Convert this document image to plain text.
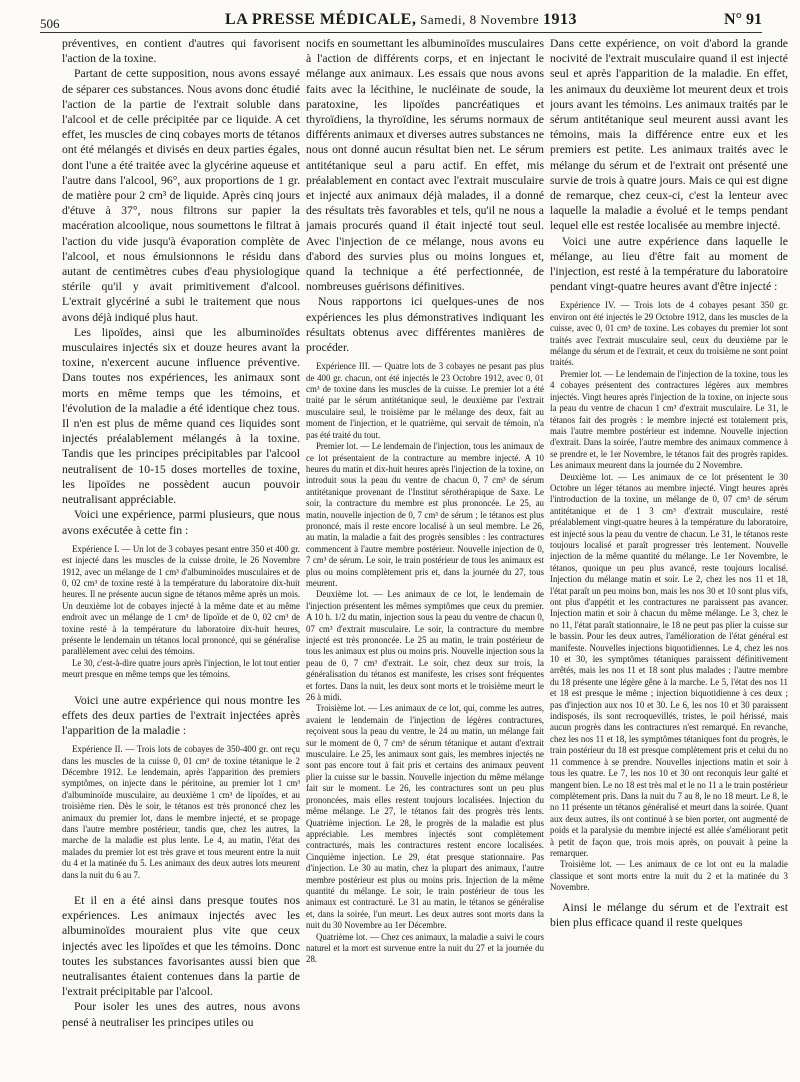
506	LA PRESSE MÉDICALE, Samedi, 8 Novembre 1913	N° 91

préventives, en contient d'autres qui favorisent l'action de la toxine.

Partant de cette supposition, nous avons essayé de séparer ces substances. Nous avons donc étudié l'action de la partie de l'extrait soluble dans l'alcool et de celle précipitée par ce liquide. A cet effet, les muscles de cinq cobayes morts de tétanos ont été mélangés et divisés en deux parties égales, dont l'une a été traitée avec la glycérine aqueuse et l'autre dans l'alcool, 96°, aux proportions de 1 gr. de matière pour 2 cm³ de liquide. Après cinq jours d'étuve à 37°, nous filtrons sur papier la macération alcoolique, nous soumettons le filtrat à l'action du vide jusqu'à évaporation complète de l'alcool, et nous émulsionnons le résidu dans autant de centimètres cubes d'eau physiologique stérile qu'il y avait primitivement d'alcool. L'extrait glycériné a subi le traitement que nous avons déjà indiqué plus haut.

Les lipoïdes, ainsi que les albuminoïdes musculaires injectés six et douze heures avant la toxine, n'exercent aucune influence préventive. Dans toutes nos expériences, les animaux sont morts en même temps que les témoins, et l'évolution de la maladie a été identique chez tous. Il n'en est plus de même quand ces liquides sont injectés préalablement mélangés à la toxine. Tandis que les principes précipitables par l'alcool neutralisent de 10-15 doses mortelles de toxine, les lipoïdes ne possèdent aucun pouvoir neutralisant appréciable.

Voici une expérience, parmi plusieurs, que nous avons exécutée à cette fin :

Expérience I. — Un lot de 3 cobayes pesant entre 350 et 400 gr. est injecté dans les muscles de la cuisse droite, le 26 Novembre 1912, avec un mélange de 1 cm³ d'albuminoïdes musculaires et de 0, 02 cm³ de toxine resté à la température du laboratoire dix-huit heures. Il ne présente aucun signe de tétanos même après un mois. Un deuxième lot de cobayes injecté à la même date et au même endroit avec un mélange de 1 cm³ de lipoïde et de 0, 02 cm³ de toxine resté à la température du laboratoire dix-huit heures, présente le lendemain un tétanos local prononcé, qui se généralise parallèlement avec celui des témoins.

Le 30, c'est-à-dire quatre jours après l'injection, le lot tout entier meurt presque en même temps que les témoins.

Voici une autre expérience qui nous montre les effets des deux parties de l'extrait injectées après l'apparition de la maladie :

Expérience II. — Trois lots de cobayes de 350-400 gr. ont reçu dans les muscles de la cuisse 0, 01 cm³ de toxine tétanique le 2 Décembre 1912. Le lendemain, après l'apparition des premiers symptômes, on injecte dans le péritoine, au premier lot 1 cm³ d'albuminoïde musculaire, au deuxième 1 cm³ de lipoïdes, et au troisième rien. Dès le soir, le tétanos est très prononcé chez les animaux du premier lot, dans le membre injecté, et se propage dans l'autre membre postérieur, tandis que, chez les autres, la marche de la maladie est plus lente. Le 4, au matin, l'état des malades du premier lot est très grave et tous meurent entre la nuit du 4 et la matinée du 5. Les animaux des deux autres lots meurent dans la nuit du 6 au 7.

Et il en a été ainsi dans presque toutes nos expériences. Les animaux injectés avec les albuminoïdes mouraient plus vite que ceux injectés avec les lipoïdes et que les témoins. Donc toutes les substances favorisantes aussi bien que neutralisantes étaient contenues dans la partie de l'extrait précipitable par l'alcool.

Pour isoler les unes des autres, nous avons pensé à neutraliser les principes utiles ou

nocifs en soumettant les albuminoïdes musculaires à l'action de différents corps, et en injectant le mélange aux animaux. Les essais que nous avons faits avec la lécithine, le nucléinate de soude, la paratoxine, les lipoïdes pancréatiques et thyroïdiens, la thyroïdine, les sérums normaux de différents animaux et diverses autres substances ne nous ont donné aucun résultat bien net. Le sérum antitétanique seul a paru actif. En effet, mis préalablement en contact avec l'extrait musculaire et injecté aux animaux déjà malades, il a donné des résultats très favorables et tels, qu'il ne nous a jamais procurés quand il était injecté tout seul. Avec l'injection de ce mélange, nous avons eu d'abord des survies plus ou moins longues et, quand la technique a été perfectionnée, de nombreuses guérisons définitives.

Nous rapportons ici quelques-unes de nos expériences les plus démonstratives indiquant les résultats obtenus avec différentes manières de procéder.

Expérience III. — Quatre lots de 3 cobayes ne pesant pas plus de 400 gr. chacun, ont été injectés le 23 Octobre 1912, avec 0, 01 cm³ de toxine dans les muscles de la cuisse. Le premier lot a été traité par le sérum antitétanique seul, le deuxième par l'extrait musculaire seul, le troisième par le mélange des deux, fait au moment de l'injection, et le quatrième, qui servait de témoin, n'a pas été traité du tout.

Premier lot. — Le lendemain de l'injection, tous les animaux de ce lot présentaient de la contracture au membre injecté. A 10 heures du matin et dix-huit heures après l'injection de la toxine, on introduit sous la peau du ventre de chacun 0, 7 cm³ de sérum antitétanique provenant de l'Institut sérothérapique de Saxe. Le soir, la contracture du membre est plus prononcée. Le 25, au matin, nouvelle injection de 0, 7 cm³ de sérum ; le tétanos est plus prononcé, mais il reste encore localisé à un seul membre. Le 26, au matin, la maladie a fait des progrès sensibles : les contractures commencent à l'autre membre postérieur. Nouvelle injection de 0, 7 cm³ de sérum. Le soir, le train postérieur de tous les animaux est plus ou moins complètement pris et, dans la journée du 27, tous meurent.

Deuxième lot. — Les animaux de ce lot, le lendemain de l'injection présentent les mêmes symptômes que ceux du premier. A 10 h. 1/2 du matin, injection sous la peau du ventre de chacun 0, 07 cm³ d'extrait musculaire. Le soir, la contracture du membre injecté est très prononcée. Le 25 au matin, le train postérieur de tous les animaux est plus ou moins pris. Nouvelle injection sous la peau de 0, 7 cm³ d'extrait. Le soir, chez deux sur trois, la généralisation du tétanos est manifeste, les crises sont fréquentes et fortes. Dans la nuit, les deux sont morts et le troisième meurt le 26 à midi.

Troisième lot. — Les animaux de ce lot, qui, comme les autres, avaient le lendemain de l'injection de légères contractures, reçoivent sous la peau du ventre, le 24 au matin, un mélange fait sur le moment de 0, 7 cm³ de sérum tétanique et autant d'extrait musculaire. Le 25, les animaux sont gais, les membres injectés ne sont pas encore tout à fait pris et certains des animaux peuvent plier la cuisse sur le bassin. Nouvelle injection du même mélange fait sur le moment. Le 26, les contractures sont un peu plus prononcées, mais elles restent toujours localisées. Injection du même mélange. Le 27, le tétanos fait des progrès très lents. Quatrième injection. Le 28, le progrès de la maladie est plus appréciable. Les membres injectés sont complètement contracturés, mais les contractures restent encore localisées. Cinquième injection. Le 29, état presque stationnaire. Pas d'injection. Le 30 au matin, chez la plupart des animaux, l'autre membre postérieur est plus ou moins pris. Injection de la même quantité du mélange. Le soir, le train postérieur de tous les animaux est contracturé. Le 31 au matin, le tétanos se généralise et, dans la soirée, l'un meurt. Les deux autres sont morts dans la nuit du 30 Novembre au 1er Décembre.

Quatrième lot. — Chez ces animaux, la maladie a suivi le cours naturel et la mort est survenue entre la nuit du 27 et la journée du 28.

Dans cette expérience, on voit d'abord la grande nocivité de l'extrait musculaire quand il est injecté seul et après l'apparition de la maladie. En effet, les animaux du deuxième lot meurent deux et trois jours avant les témoins. Les animaux traités par le sérum antitétanique seul meurent aussi avant les témoins, mais la différence entre eux et les premiers est petite. Les animaux traités avec le mélange du sérum et de l'extrait ont présenté une survie de trois à quatre jours. Mais ce qui est digne de remarque, chez ceux-ci, c'est la lenteur avec laquelle la maladie a évolué et le temps pendant lequel elle est restée localisée au membre injecté.

Voici une autre expérience dans laquelle le mélange, au lieu d'être fait au moment de l'injection, est resté à la température du laboratoire pendant vingt-quatre heures avant d'être injecté :

Expérience IV. — Trois lots de 4 cobayes pesant 350 gr. environ ont été injectés le 29 Octobre 1912, dans les muscles de la cuisse, avec 0, 01 cm³ de toxine. Les cobayes du premier lot sont traités avec l'extrait musculaire seul, ceux du deuxième par le mélange du sérum et de l'extrait, et ceux du troisième ne sont point traités.

Premier lot. — Le lendemain de l'injection de la toxine, tous les 4 cobayes présentent des contractures légères aux membres injectés. Vingt heures après l'injection de la toxine, on injecte sous la peau du ventre de chacun 1 cm³ d'extrait musculaire. Le 31, le tétanos fait des progrès : le membre injecté est totalement pris, mais l'autre membre postérieur est indemne. Nouvelle injection d'extrait. Dans la soirée, l'autre membre des animaux commence à se prendre et, le 1er Novembre, le tétanos fait des progrès rapides. Les animaux meurent dans la journée du 2 Novembre.

Deuxième lot. — Les animaux de ce lot présentent le 30 Octobre un léger tétanos au membre injecté. Vingt heures après l'introduction de la toxine, un mélange de 0, 07 cm³ de sérum antitétanique et de 1 3 cm³ d'extrait musculaire, resté préalablement vingt-quatre heures à la température du laboratoire, est injecté sous la peau du ventre de chacun. Le 31, le tétanos reste toujours localisé et paraît progresser très lentement. Nouvelle injection de la même quantité du mélange. Le 1er Novembre, le tétanos, quoique un peu plus avancé, reste toujours localisé. Injection du mélange matin et soir. Le 2, chez les nos 11 et 18, l'état paraît un peu moins bon, mais les nos 30 et 10 sont plus vifs, ont plus d'appétit et les contractures ne paraissent pas avancer. Injection matin et soir à chacun du même mélange. Le 3, chez le no 11, l'état paraît stationnaire, le 18 ne peut pas plier la cuisse sur le bassin. Pour les deux autres, l'amélioration de l'état général est manifeste. Nouvelles injections biquotidiennes. Le 4, chez les nos 10 et 30, les symptômes tétaniques paraissent définitivement arrêtés, mais les nos 11 et 18 sont plus malades ; l'autre membre du 18 présente une légère gêne à la marche. Le 5, l'état des nos 11 et 18 est presque le même ; injection biquotidienne à ces deux ; pas d'injection aux nos 10 et 30. Le 6, les nos 10 et 30 paraissent indisposés, ils sont recroquevillés, tristes, le poil hérissé, mais aucun progrès dans les contractures n'est remarqué. En revanche, chez les nos 11 et 18, les symptômes tétaniques font du progrès, le train postérieur du 18 est presque complètement pris et celui du no 11 commence à se prendre. Nouvelles injections matin et soir à tous les quatre. Le 7, les nos 10 et 30 ont reconquis leur gaîté et mangent bien. Le no 18 est très mal et le no 11 a le train postérieur complètement pris. Dans la nuit du 7 au 8, le no 18 meurt. Le 8, le no 11 présente un tétanos généralisé et meurt dans la soirée. Quant aux deux autres, ils ont continué à se bien porter, ont augmenté de poids et la paralysie du membre injecté est allée s'améliorant petit à petit de façon que, trois mois après, on pouvait à peine la remarquer.

Troisième lot. — Les animaux de ce lot ont eu la maladie classique et sont morts entre la nuit du 2 et la matinée du 3 Novembre.

Ainsi le mélange du sérum et de l'extrait est bien plus efficace quand il reste quelques
